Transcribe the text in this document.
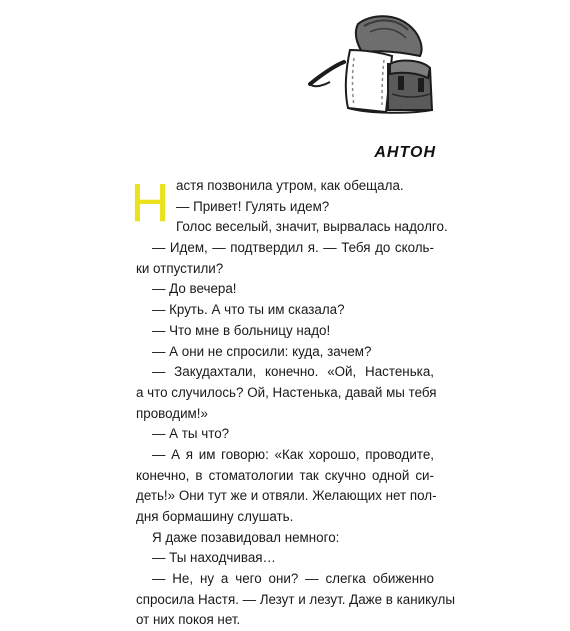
АНТОН
Н астя позвонила утром, как обещала.
— Привет! Гулять идем?
Голос веселый, значит, вырвалась надолго.
— Идем, — подтвердил я. — Тебя до сколь-
ки отпустили?
— До вечера!
— Круть. А что ты им сказала?
— Что мне в больницу надо!
— А они не спросили: куда, зачем?
— Закудахтали, конечно. «Ой, Настенька,
а что случилось? Ой, Настенька, давай мы тебя
проводим!»
— А ты что?
— А я им говорю: «Как хорошо, проводите,
конечно, в стоматологии так скучно одной си-
деть!» Они тут же и отвяли. Желающих нет пол-
дня бормашину слушать.
Я даже позавидовал немного:
— Ты находчивая…
— Не, ну а чего они? — слегка обиженно
спросила Настя. — Лезут и лезут. Даже в каникулы
от них покоя нет.
